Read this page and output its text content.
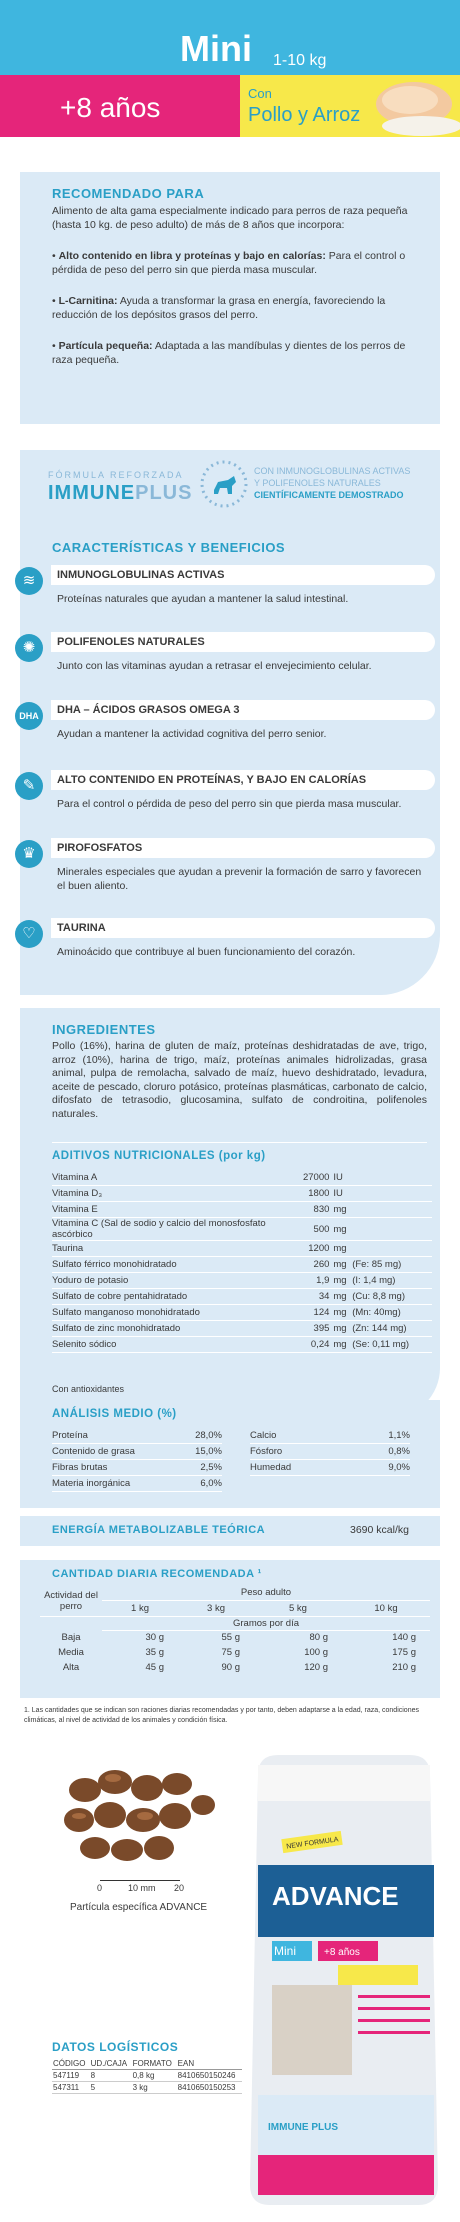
Mini 1-10 kg
+8 años	Con
Pollo y Arroz
RECOMENDADO PARA
Alimento de alta gama especialmente indicado para perros de raza pequeña (hasta 10 kg. de peso adulto) de más de 8 años que incorpora:
• Alto contenido en libra y proteínas y bajo en calorías: Para el control o pérdida de peso del perro sin que pierda masa muscular.
• L-Carnitina: Ayuda a transformar la grasa en energía, favoreciendo la reducción de los depósitos grasos del perro.
• Partícula pequeña: Adaptada a las mandíbulas y dientes de los perros de raza pequeña.
FÓRMULA REFORZADA
IMMUNEPLUS
CON INMUNOGLOBULINAS ACTIVAS
Y POLIFENOLES NATURALES
CIENTÍFICAMENTE DEMOSTRADO
CARACTERÍSTICAS Y BENEFICIOS
≋	INMUNOGLOBULINAS ACTIVAS
Proteínas naturales que ayudan a mantener la salud intestinal.
✺	POLIFENOLES NATURALES
Junto con las vitaminas ayudan a retrasar el envejecimiento celular.
DHA	DHA – ÁCIDOS GRASOS OMEGA 3
Ayudan a mantener la actividad cognitiva del perro senior.
✎	ALTO CONTENIDO EN PROTEÍNAS, Y BAJO EN CALORÍAS
Para el control o pérdida de peso del perro sin que pierda masa muscular.
♛	PIROFOSFATOS
Minerales especiales que ayudan a prevenir la formación de sarro y favorecen el buen aliento.
♡	TAURINA
Aminoácido que contribuye al buen funcionamiento del corazón.
INGREDIENTES
Pollo (16%), harina de gluten de maíz, proteínas deshidratadas de ave, trigo, arroz (10%), harina de trigo, maíz, proteínas animales hidrolizadas, grasa animal, pulpa de remolacha, salvado de maíz, huevo deshidratado, levadura, aceite de pescado, cloruro potásico, proteínas plasmáticas, carbonato de calcio, difosfato de tetrasodio, glucosamina, sulfato de condroitina, polifenoles naturales.
ADITIVOS NUTRICIONALES (por kg)
Vitamina A	27000	IU	
Vitamina D₃	1800	IU	
Vitamina E	830	mg	
Vitamina C (Sal de sodio y calcio del monosfosfato ascórbico	500	mg	
Taurina	1200	mg	
Sulfato férrico monohidratado	260	mg	(Fe: 85 mg)
Yoduro de potasio	1,9	mg	(I: 1,4 mg)
Sulfato de cobre pentahidratado	34	mg	(Cu: 8,8 mg)
Sulfato manganoso monohidratado	124	mg	(Mn: 40mg)
Sulfato de zinc monohidratado	395	mg	(Zn: 144 mg)
Selenito sódico	0,24	mg	(Se: 0,11 mg)
Con antioxidantes
ANÁLISIS MEDIO (%)
Proteína	28,0%
Contenido de grasa	15,0%
Fibras brutas	2,5%
Materia inorgánica	6,0%
Calcio	1,1%
Fósforo	0,8%
Humedad	9,0%
ENERGÍA METABOLIZABLE TEÓRICA	3690 kcal/kg
CANTIDAD DIARIA RECOMENDADA ¹
Actividad del perro	Peso adulto			
	1 kg	3 kg	5 kg	10 kg
	Gramos por día			
Baja	30 g	55 g	80 g	140 g
Media	35 g	75 g	100 g	175 g
Alta	45 g	90 g	120 g	210 g
1. Las cantidades que se indican son raciones diarias recomendadas y por tanto, deben adaptarse a la edad, raza, condiciones climáticas, al nivel de actividad de los animales y condición física.
0	10 mm 20
Partícula específica ADVANCE
DATOS LOGÍSTICOS
CÓDIGO	UD./CAJA	FORMATO	EAN
547119	8	0,8 kg	8410650150246
547311	5	3 kg	8410650150253
NEW FORMULA
ADVANCE
Mini	+8 años
IMMUNE PLUS
